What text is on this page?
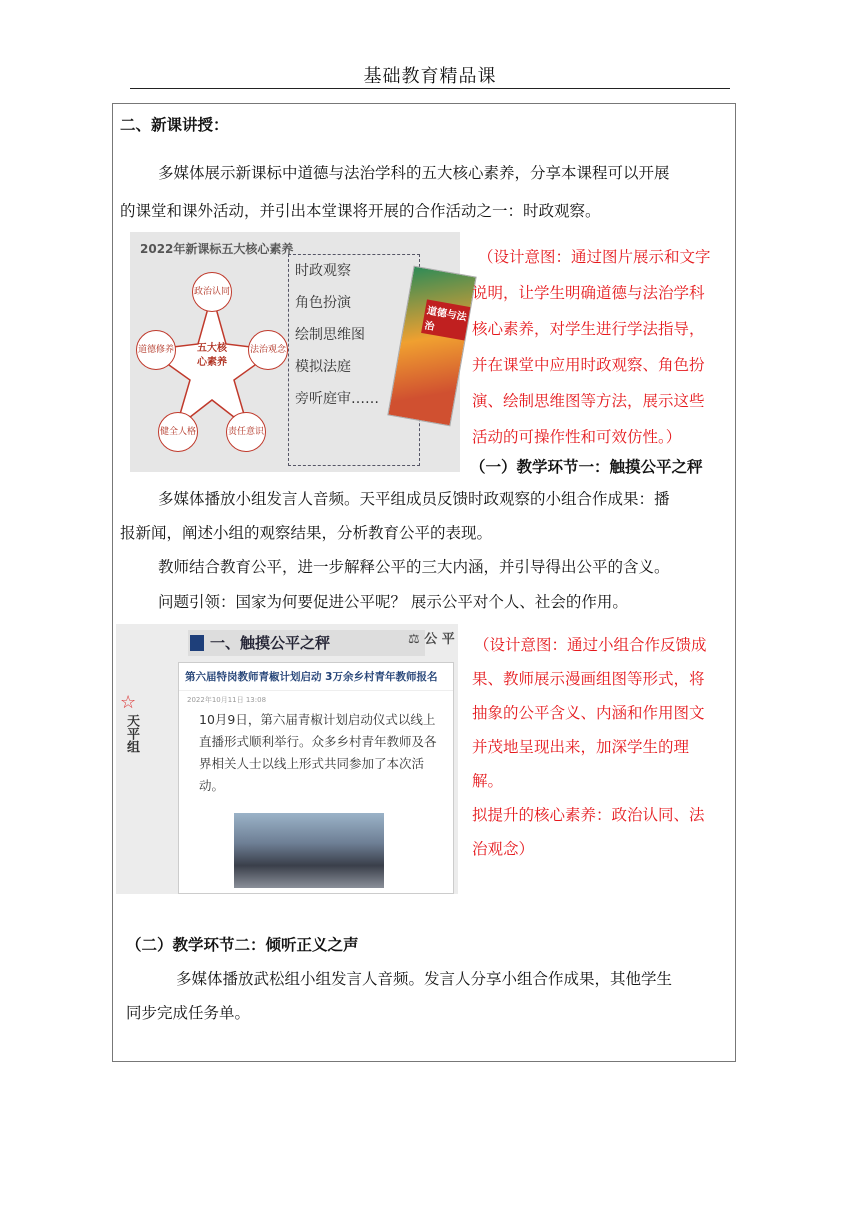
基础教育精品课
二、新课讲授：
多媒体展示新课标中道德与法治学科的五大核心素养，分享本课程可以开展
的课堂和课外活动，并引出本堂课将开展的合作活动之一：时政观察。
2022年新课标五大核心素养
政治认同
法治观念
责任意识
健全人格
道德修养 五大核心素养
时政观察
角色扮演
绘制思维图
模拟法庭
旁听庭审……
道德与法治
（设计意图：通过图片展示和文字
说明，让学生明确道德与法治学科
核心素养，对学生进行学法指导，
并在课堂中应用时政观察、角色扮
演、绘制思维图等方法，展示这些
活动的可操作性和可效仿性。）
（一）教学环节一：触摸公平之秤
多媒体播放小组发言人音频。天平组成员反馈时政观察的小组合作成果：播
报新闻，阐述小组的观察结果，分析教育公平的表现。
教师结合教育公平，进一步解释公平的三大内涵，并引导得出公平的含义。
问题引领：国家为何要促进公平呢？ 展示公平对个人、社会的作用。
一、触摸公平之秤	⚖ 公 平
☆
天平组
第六届特岗教师青椒计划启动 3万余乡村青年教师报名
2022年10月11日 13:08
10月9日，第六届青椒计划启动仪式以线上直播形式顺利举行。众多乡村青年教师及各界相关人士以线上形式共同参加了本次活动。
（设计意图：通过小组合作反馈成
果、教师展示漫画组图等形式，将
抽象的公平含义、内涵和作用图文
并茂地呈现出来，加深学生的理
解。
拟提升的核心素养：政治认同、法
治观念）
（二）教学环节二：倾听正义之声
多媒体播放武松组小组发言人音频。发言人分享小组合作成果，其他学生
同步完成任务单。
